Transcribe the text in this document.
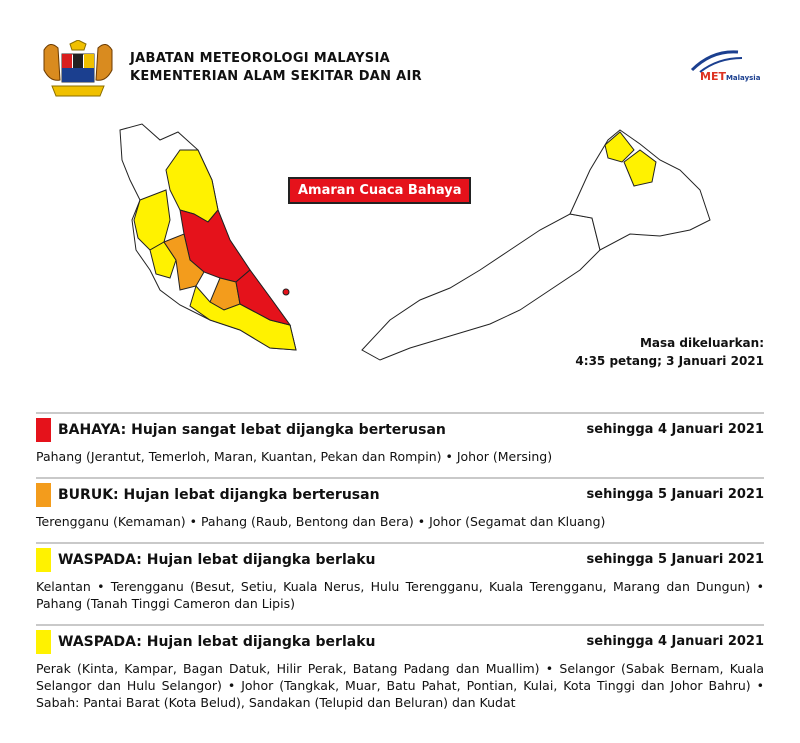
JABATAN METEOROLOGI MALAYSIA
KEMENTERIAN ALAM SEKITAR DAN AIR	METMalaysia
Amaran Cuaca Bahaya
Masa dikeluarkan:
4:35 petang; 3 Januari 2021
BAHAYA: Hujan sangat lebat dijangka berterusan	sehingga 4 Januari 2021
Pahang (Jerantut, Temerloh, Maran, Kuantan, Pekan dan Rompin) • Johor (Mersing)
BURUK: Hujan lebat dijangka berterusan	sehingga 5 Januari 2021
Terengganu (Kemaman) • Pahang (Raub, Bentong dan Bera) • Johor (Segamat dan Kluang)
WASPADA: Hujan lebat dijangka berlaku	sehingga 5 Januari 2021
Kelantan • Terengganu (Besut, Setiu, Kuala Nerus, Hulu Terengganu, Kuala Terengganu, Marang dan Dungun) • Pahang (Tanah Tinggi Cameron dan Lipis)
WASPADA: Hujan lebat dijangka berlaku	sehingga 4 Januari 2021
Perak (Kinta, Kampar, Bagan Datuk, Hilir Perak, Batang Padang dan Muallim) • Selangor (Sabak Bernam, Kuala Selangor dan Hulu Selangor) • Johor (Tangkak, Muar, Batu Pahat, Pontian, Kulai, Kota Tinggi dan Johor Bahru) • Sabah: Pantai Barat (Kota Belud), Sandakan (Telupid dan Beluran) dan Kudat
